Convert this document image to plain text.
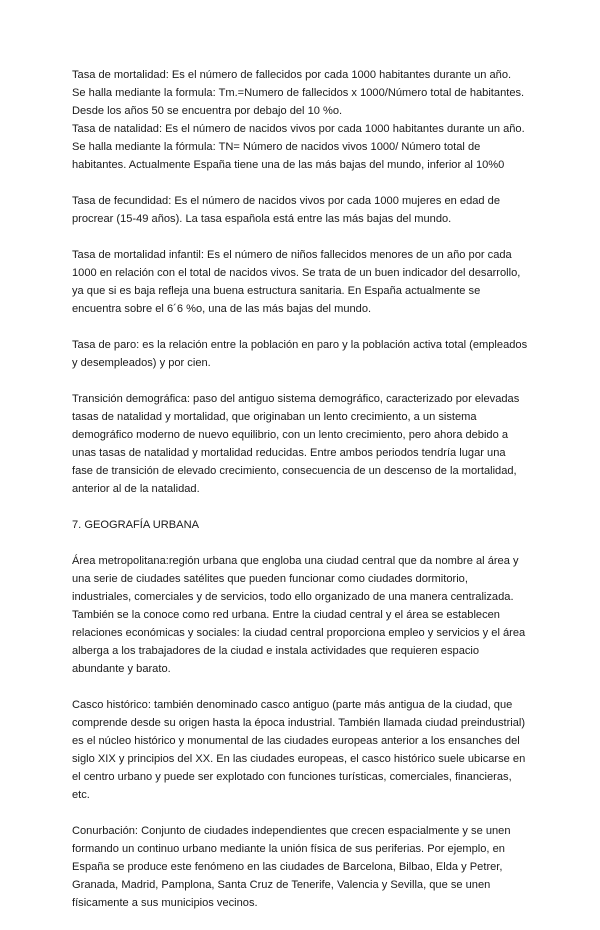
Tasa de mortalidad: Es el número de fallecidos por cada 1000 habitantes durante un año.
Se halla mediante la formula: Tm.=Numero de fallecidos x 1000/Número total de habitantes.
Desde los años 50 se encuentra por debajo del 10 %o.

Tasa de natalidad: Es el número de nacidos vivos por cada 1000 habitantes durante un año.
Se halla mediante la fórmula: TN= Número de nacidos vivos 1000/ Número total de
habitantes. Actualmente España tiene una de las más bajas del mundo, inferior al 10%0

Tasa de fecundidad: Es el número de nacidos vivos por cada 1000 mujeres en edad de
procrear (15-49 años). La tasa española está entre las más bajas del mundo.

Tasa de mortalidad infantil: Es el número de niños fallecidos menores de un año por cada
1000 en relación con el total de nacidos vivos. Se trata de un buen indicador del desarrollo,
ya que si es baja refleja una buena estructura sanitaria. En España actualmente se
encuentra sobre el 6´6 %o, una de las más bajas del mundo.

Tasa de paro: es la relación entre la población en paro y la población activa total (empleados
y desempleados) y por cien.

Transición demográfica: paso del antiguo sistema demográfico, caracterizado por elevadas
tasas de natalidad y mortalidad, que originaban un lento crecimiento, a un sistema
demográfico moderno de nuevo equilibrio, con un lento crecimiento, pero ahora debido a
unas tasas de natalidad y mortalidad reducidas. Entre ambos periodos tendría lugar una
fase de transición de elevado crecimiento, consecuencia de un descenso de la mortalidad,
anterior al de la natalidad.

7. GEOGRAFÍA URBANA

Área metropolitana:región urbana que engloba una ciudad central que da nombre al área y
una serie de ciudades satélites que pueden funcionar como ciudades dormitorio,
industriales, comerciales y de servicios, todo ello organizado de una manera centralizada.
También se la conoce como red urbana. Entre la ciudad central y el área se establecen
relaciones económicas y sociales: la ciudad central proporciona empleo y servicios y el área
alberga a los trabajadores de la ciudad e instala actividades que requieren espacio
abundante y barato.

Casco histórico: también denominado casco antiguo (parte más antigua de la ciudad, que
comprende desde su origen hasta la época industrial. También llamada ciudad preindustrial)
es el núcleo histórico y monumental de las ciudades europeas anterior a los ensanches del
siglo XIX y principios del XX. En las ciudades europeas, el casco histórico suele ubicarse en
el centro urbano y puede ser explotado con funciones turísticas, comerciales, financieras,
etc.

Conurbación: Conjunto de ciudades independientes que crecen espacialmente y se unen
formando un continuo urbano mediante la unión física de sus periferias. Por ejemplo, en
España se produce este fenómeno en las ciudades de Barcelona, Bilbao, Elda y Petrer,
Granada, Madrid, Pamplona, Santa Cruz de Tenerife, Valencia y Sevilla, que se unen
físicamente a sus municipios vecinos.
